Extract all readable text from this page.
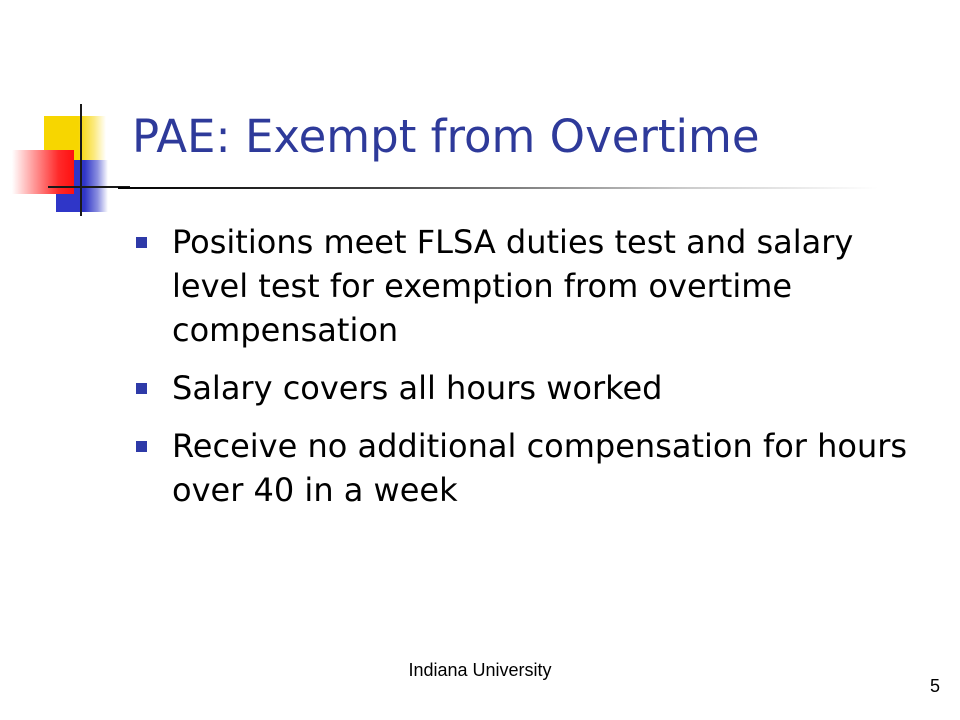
PAE: Exempt from Overtime
Positions meet FLSA duties test and salary level test for exemption from overtime compensation
Salary covers all hours worked
Receive no additional compensation for hours over 40 in a week
Indiana University
5
